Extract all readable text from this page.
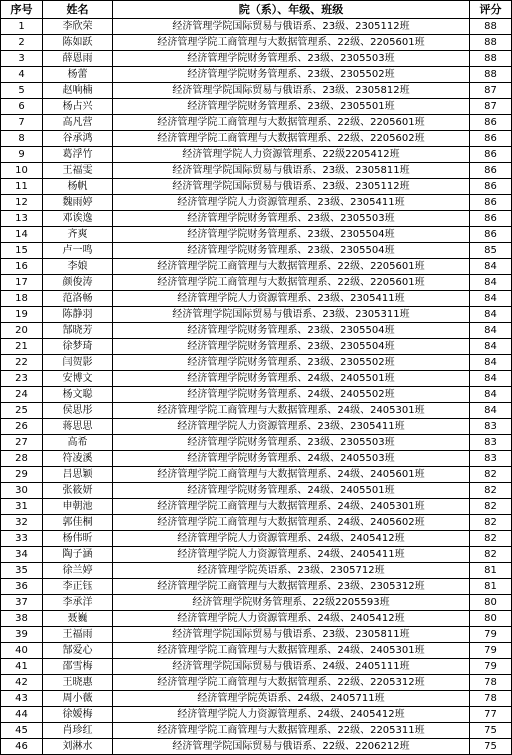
序号	姓名	院（系）、年级、班级	评分
1	李欣荣	经济管理学院国际贸易与俄语系、23级、2305112班	88
2	陈如跃	经济管理学院工商管理与大数据管理系、22级、2205601班	88
3	薛恩雨	经济管理学院财务管理系、23级、2305503班	88
4	杨蕾	经济管理学院财务管理系、23级、2305502班	88
5	赵响楠	经济管理学院国际贸易与俄语系、23级、2305812班	87
6	杨占兴	经济管理学院财务管理系、23级、2305501班	87
7	高凡营	经济管理学院工商管理与大数据管理系、22级、2205601班	86
8	谷承鸿	经济管理学院工商管理与大数据管理系、22级、2205602班	86
9	葛浮竹	经济管理学院人力资源管理系、22级2205412班	86
10	王福雯	经济管理学院国际贸易与俄语系、23级、2305811班	86
11	杨帆	经济管理学院国际贸易与俄语系、23级、2305112班	86
12	魏雨婷	经济管理学院人力资源管理系、23级、2305411班	86
13	邓诶逸	经济管理学院财务管理系、23级、2305503班	86
14	齐爽	经济管理学院财务管理系、23级、2305504班	86
15	卢一鸣	经济管理学院财务管理系、23级、2305504班	85
16	李娘	经济管理学院工商管理与大数据管理系、22级、2205601班	84
17	颜俊涛	经济管理学院工商管理与大数据管理系、22级、2205601班	84
18	范洛畅	经济管理学院人力资源管理系、23级、2305411班	84
19	陈静羽	经济管理学院国际贸易与俄语系、23级、2305311班	84
20	郜晓芳	经济管理学院财务管理系、23级、2305504班	84
21	徐梦琦	经济管理学院财务管理系、23级、2305504班	84
22	闫贺影	经济管理学院财务管理系、23级、2305502班	84
23	安博文	经济管理学院财务管理系、24级、2405501班	84
24	杨文聪	经济管理学院财务管理系、24级、2405502班	84
25	侯思彤	经济管理学院工商管理与大数据管理系、24级、2405301班	84
26	蒋思思	经济管理学院人力资源管理系、23级、2305411班	83
27	高希	经济管理学院财务管理系、23级、2305503班	83
28	符凌溪	经济管理学院财务管理系、24级、2405503班	83
29	吕思颖	经济管理学院工商管理与大数据管理系、24级、2405601班	82
30	张筱妍	经济管理学院财务管理系、24级、2405501班	82
31	申朝池	经济管理学院工商管理与大数据管理系、24级、2405301班	82
32	郭佳桐	经济管理学院工商管理与大数据管理系、24级、2405602班	82
33	杨伟昕	经济管理学院人力资源管理系、24级、2405412班	82
34	陶子涵	经济管理学院人力资源管理系、24级、2405411班	82
35	徐兰婷	经济管理学院英语系、23级、2305712班	81
36	李正钰	经济管理学院工商管理与大数据管理系、23级、2305312班	81
37	李承洋	经济管理学院财务管理系、22级2205593班	80
38	聂巍	经济管理学院人力资源管理系、24级、2405412班	80
39	王福雨	经济管理学院国际贸易与俄语系、23级、2305811班	79
40	郜爱心	经济管理学院工商管理与大数据管理系、24级、2405301班	79
41	邵雪梅	经济管理学院国际贸易与俄语系、24级、2405111班	79
42	王晓惠	经济管理学院工商管理与大数据管理系、22级、2205312班	78
43	周小薇	经济管理学院英语系、24级、2405711班	78
44	徐嫒梅	经济管理学院人力资源管理系、24级、2405412班	77
45	肖珍红	经济管理学院工商管理与大数据管理系、22级、2205311班	75
46	刘淋水	经济管理学院国际贸易与俄语系、22级、2206212班	75
